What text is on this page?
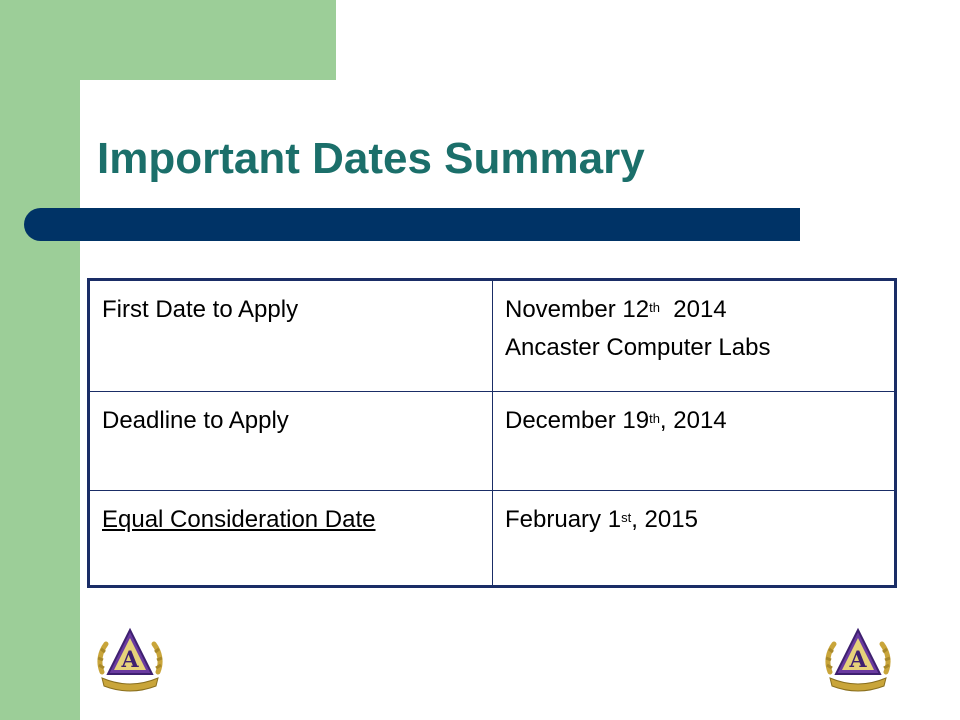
Important Dates Summary
First Date to Apply	November 12th  2014
Ancaster Computer Labs

Deadline to Apply	December 19th, 2014

Equal Consideration Date	February 1st, 2015
A	A
